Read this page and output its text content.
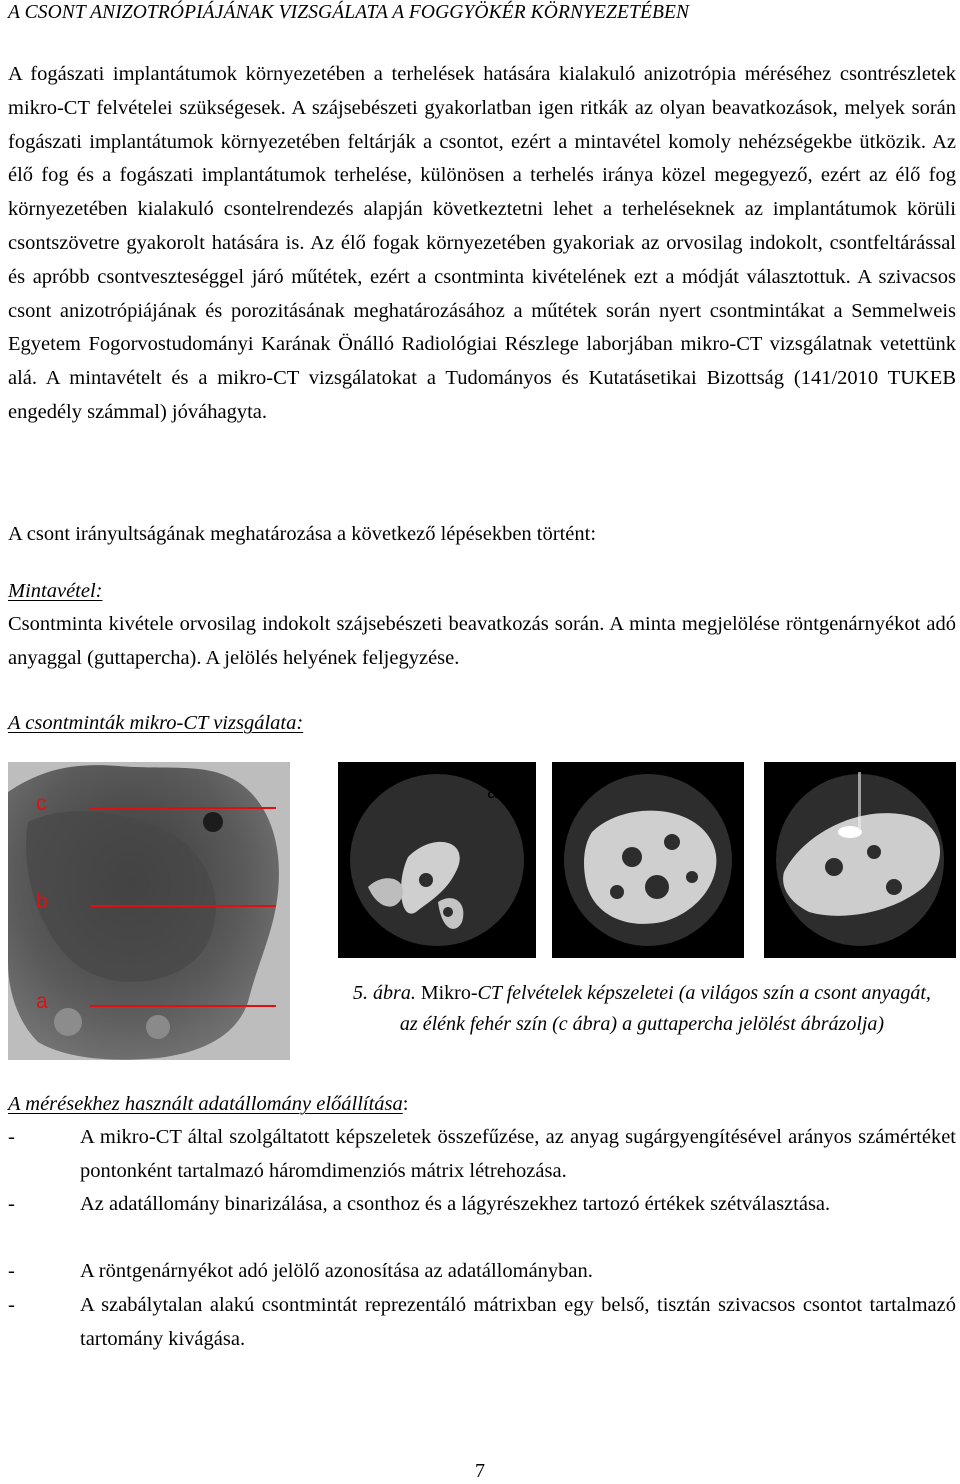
A CSONT ANIZOTRÓPIÁJÁNAK VIZSGÁLATA A FOGGYÖKÉR KÖRNYEZETÉBEN
A fogászati implantátumok környezetében a terhelések hatására kialakuló anizotrópia méréséhez csontrészletek mikro-CT felvételei szükségesek. A szájsebészeti gyakorlatban igen ritkák az olyan beavatkozások, melyek során fogászati implantátumok környezetében feltárják a csontot, ezért a mintavétel komoly nehézségekbe ütközik. Az élő fog és a fogászati implantátumok terhelése, különösen a terhelés iránya közel megegyező, ezért az élő fog környezetében kialakuló csontelrendezés alapján következtetni lehet a terheléseknek az implantátumok körüli csontszövetre gyakorolt hatására is. Az élő fogak környezetében gyakoriak az orvosilag indokolt, csontfeltárással és apróbb csontveszteséggel járó műtétek, ezért a csontminta kivételének ezt a módját választottuk. A szivacsos csont anizotrópiájának és porozitásának meghatározásához a műtétek során nyert csontmintákat a Semmelweis Egyetem Fogorvostudományi Karának Önálló Radiológiai Részlege laborjában mikro-CT vizsgálatnak vetettünk alá. A mintavételt és a mikro-CT vizsgálatokat a Tudományos és Kutatásetikai Bizottság (141/2010 TUKEB engedély számmal) jóváhagyta.
A csont irányultságának meghatározása a következő lépésekben történt:
Mintavétel:
Csontminta kivétele orvosilag indokolt szájsebészeti beavatkozás során. A minta megjelölése röntgenárnyékot adó anyaggal (guttapercha). A jelölés helyének feljegyzése.
A csontminták mikro-CT vizsgálata:
c
b
a
a	b	c
5. ábra. Mikro-CT felvételek képszeletei (a világos szín a csont anyagát, az élénk fehér szín (c ábra) a guttapercha jelölést ábrázolja)
A mérésekhez használt adatállomány előállítása:
-	A mikro-CT által szolgáltatott képszeletek összefűzése, az anyag sugárgyengítésével arányos számértéket pontonként tartalmazó háromdimenziós mátrix létrehozása.
-	Az adatállomány binarizálása, a csonthoz és a lágyrészekhez tartozó értékek szétválasztása.
-	A röntgenárnyékot adó jelölő azonosítása az adatállományban.
-	A szabálytalan alakú csontmintát reprezentáló mátrixban egy belső, tisztán szivacsos csontot tartalmazó tartomány kivágása.
7
